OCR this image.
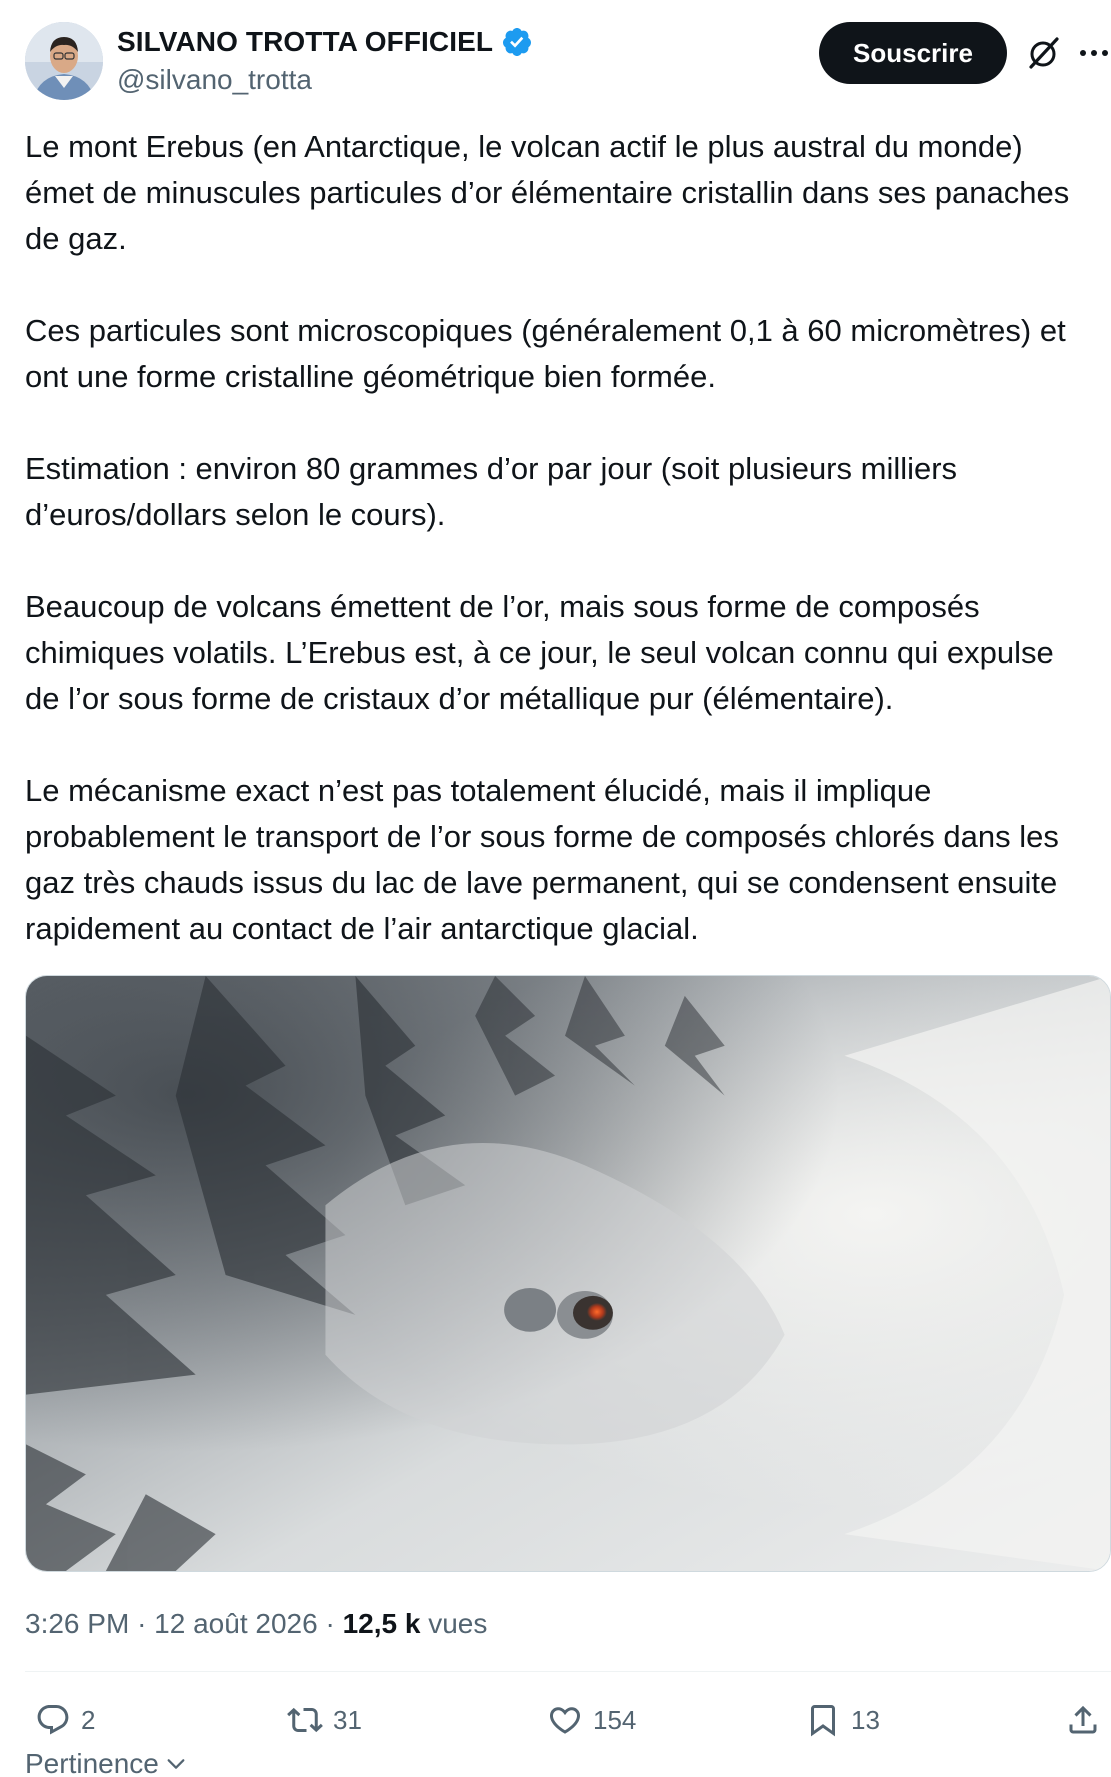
SILVANO TROTTA OFFICIEL
@silvano_trotta
Souscrire

Le mont Erebus (en Antarctique, le volcan actif le plus austral du monde) émet de minuscules particules d’or élémentaire cristallin dans ses panaches de gaz.

Ces particules sont microscopiques (généralement 0,1 à 60 micromètres) et ont une forme cristalline géométrique bien formée.

Estimation : environ 80 grammes d’or par jour (soit plusieurs milliers d’euros/dollars selon le cours).

Beaucoup de volcans émettent de l’or, mais sous forme de composés chimiques volatils. L’Erebus est, à ce jour, le seul volcan connu qui expulse de l’or sous forme de cristaux d’or métallique pur (élémentaire).

Le mécanisme exact n’est pas totalement élucidé, mais il implique probablement le transport de l’or sous forme de composés chlorés dans les gaz très chauds issus du lac de lave permanent, qui se condensent ensuite rapidement au contact de l’air antarctique glacial.

3:26 PM · 12 août 2026 · 12,5 k vues
2	31	154	13
Pertinence
